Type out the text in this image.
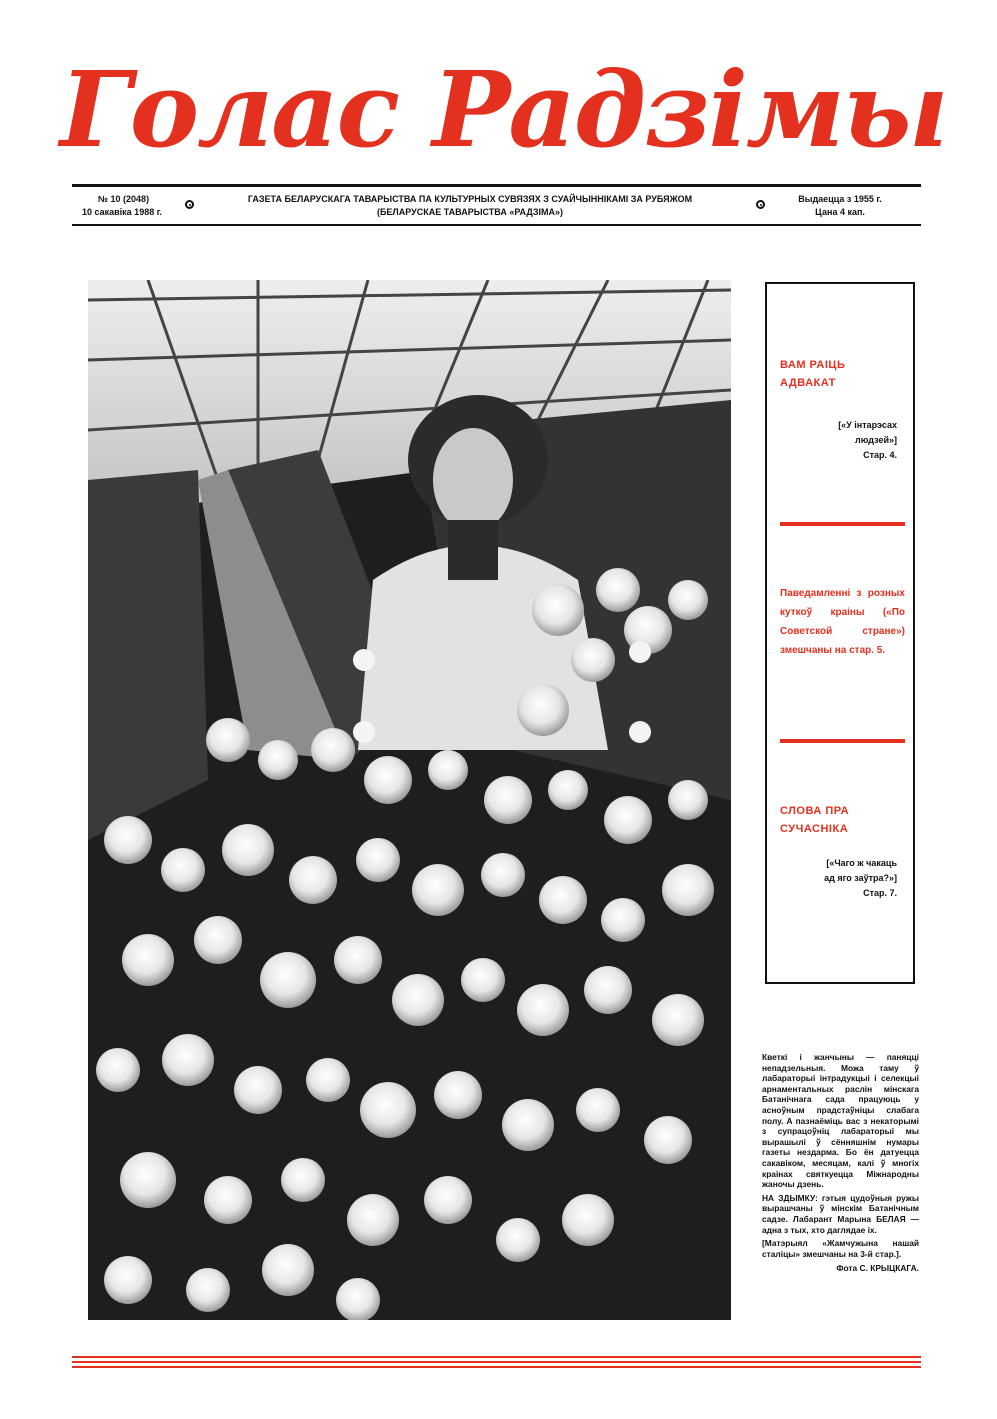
Голас Радзімы
№ 10 (2048)
10 сакавіка 1988 г.
ГАЗЕТА БЕЛАРУСКАГА ТАВАРЫСТВА ПА КУЛЬТУРНЫХ СУВЯЗЯХ З СУАЙЧЫННІКАМІ ЗА РУБЯЖОМ
(БЕЛАРУСКАЕ ТАВАРЫСТВА «РАДЗІМА»)
Выдаецца з 1955 г.
Цана 4 кап.
ВАМ РАІЦЬ
АДВАКАТ
[«У інтарэсах
людзей»]
Стар. 4.
Паведамленні з розных куткоў краіны («По Советской стране») змешчаны на стар. 5.
СЛОВА ПРА
СУЧАСНІКА
[«Чаго ж чакаць
ад яго заўтра?»]
Стар. 7.

Кветкі і жанчыны — паняцці непадзельныя. Можа таму ў лабараторыі інтрадукцыі і селекцыі арнаментальных раслін мінскага Батанічнага сада працуюць у асноўным прадстаўніцы слабага полу. А пазнаёміць вас з некаторымі з супрацоўніц лабараторыі мы вырашылі ў сённяшнім нумары газеты нездарма. Бо ён датуецца сакавіком, месяцам, калі ў многіх краінах святкуецца Міжнародны жаночы дзень.

НА ЗДЫМКУ: гэтыя цудоўныя ружы вырашчаны ў мінскім Батанічным садзе. Лабарант Марына БЕЛАЯ — адна з тых, хто даглядае іх.

[Матэрыял «Жамчужына нашай сталіцы» змешчаны на 3-й стар.].

Фота С. КРЫЦКАГА.
